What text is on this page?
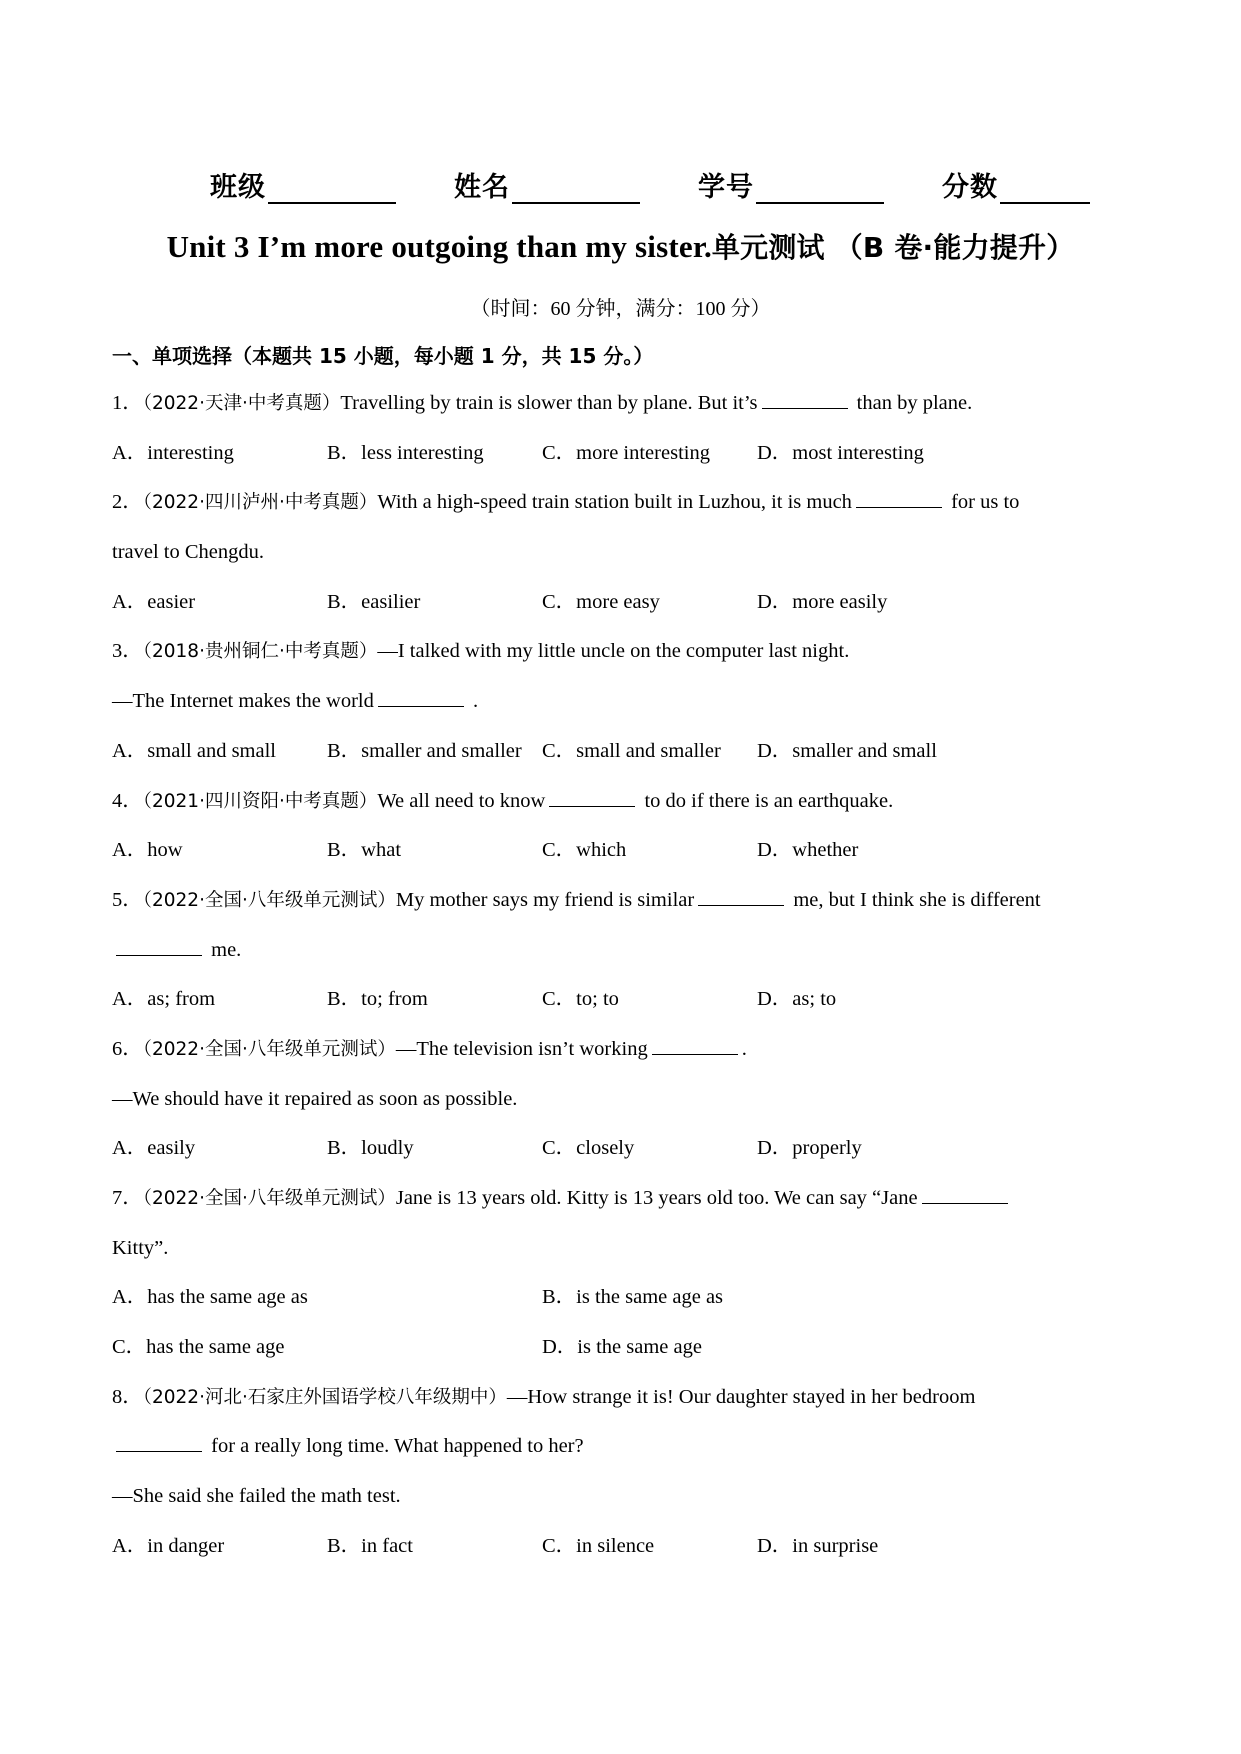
班级	姓名	学号	分数
Unit 3 I’m more outgoing than my sister.单元测试 （B 卷·能力提升）
（时间：60 分钟，满分：100 分）
一、单项选择（本题共 15 小题，每小题 1 分，共 15 分。）
1．（2022·天津·中考真题）Travelling by train is slower than by plane. But it’s	than by plane.
A．interesting	B．less interesting	C．more interesting	D．most interesting
2．（2022·四川泸州·中考真题）With a high-speed train station built in Luzhou, it is much	for us to
travel to Chengdu.
A．easier	B．easilier	C．more easy	D．more easily
3．（2018·贵州铜仁·中考真题）—I talked with my little uncle on the computer last night.
—The Internet makes the world	.
A．small and small	B．smaller and smaller C．small and smaller	D．smaller and small
4．（2021·四川资阳·中考真题）We all need to know	to do if there is an earthquake.
A．how	B．what	C．which	D．whether
5．（2022·全国·八年级单元测试）My mother says my friend is similar	me, but I think she is different
me.
A．as; from	B．to; from	C．to; to	D．as; to
6．（2022·全国·八年级单元测试）—The television isn’t working	.
—We should have it repaired as soon as possible.
A．easily	B．loudly	C．closely	D．properly
7．（2022·全国·八年级单元测试）Jane is 13 years old. Kitty is 13 years old too. We can say “Jane
Kitty”.
A．has the same age as	B．is the same age as
C．has the same age	D．is the same age
8．（2022·河北·石家庄外国语学校八年级期中）—How strange it is! Our daughter stayed in her bedroom
for a really long time. What happened to her?
—She said she failed the math test.
A．in danger	B．in fact	C．in silence	D．in surprise
